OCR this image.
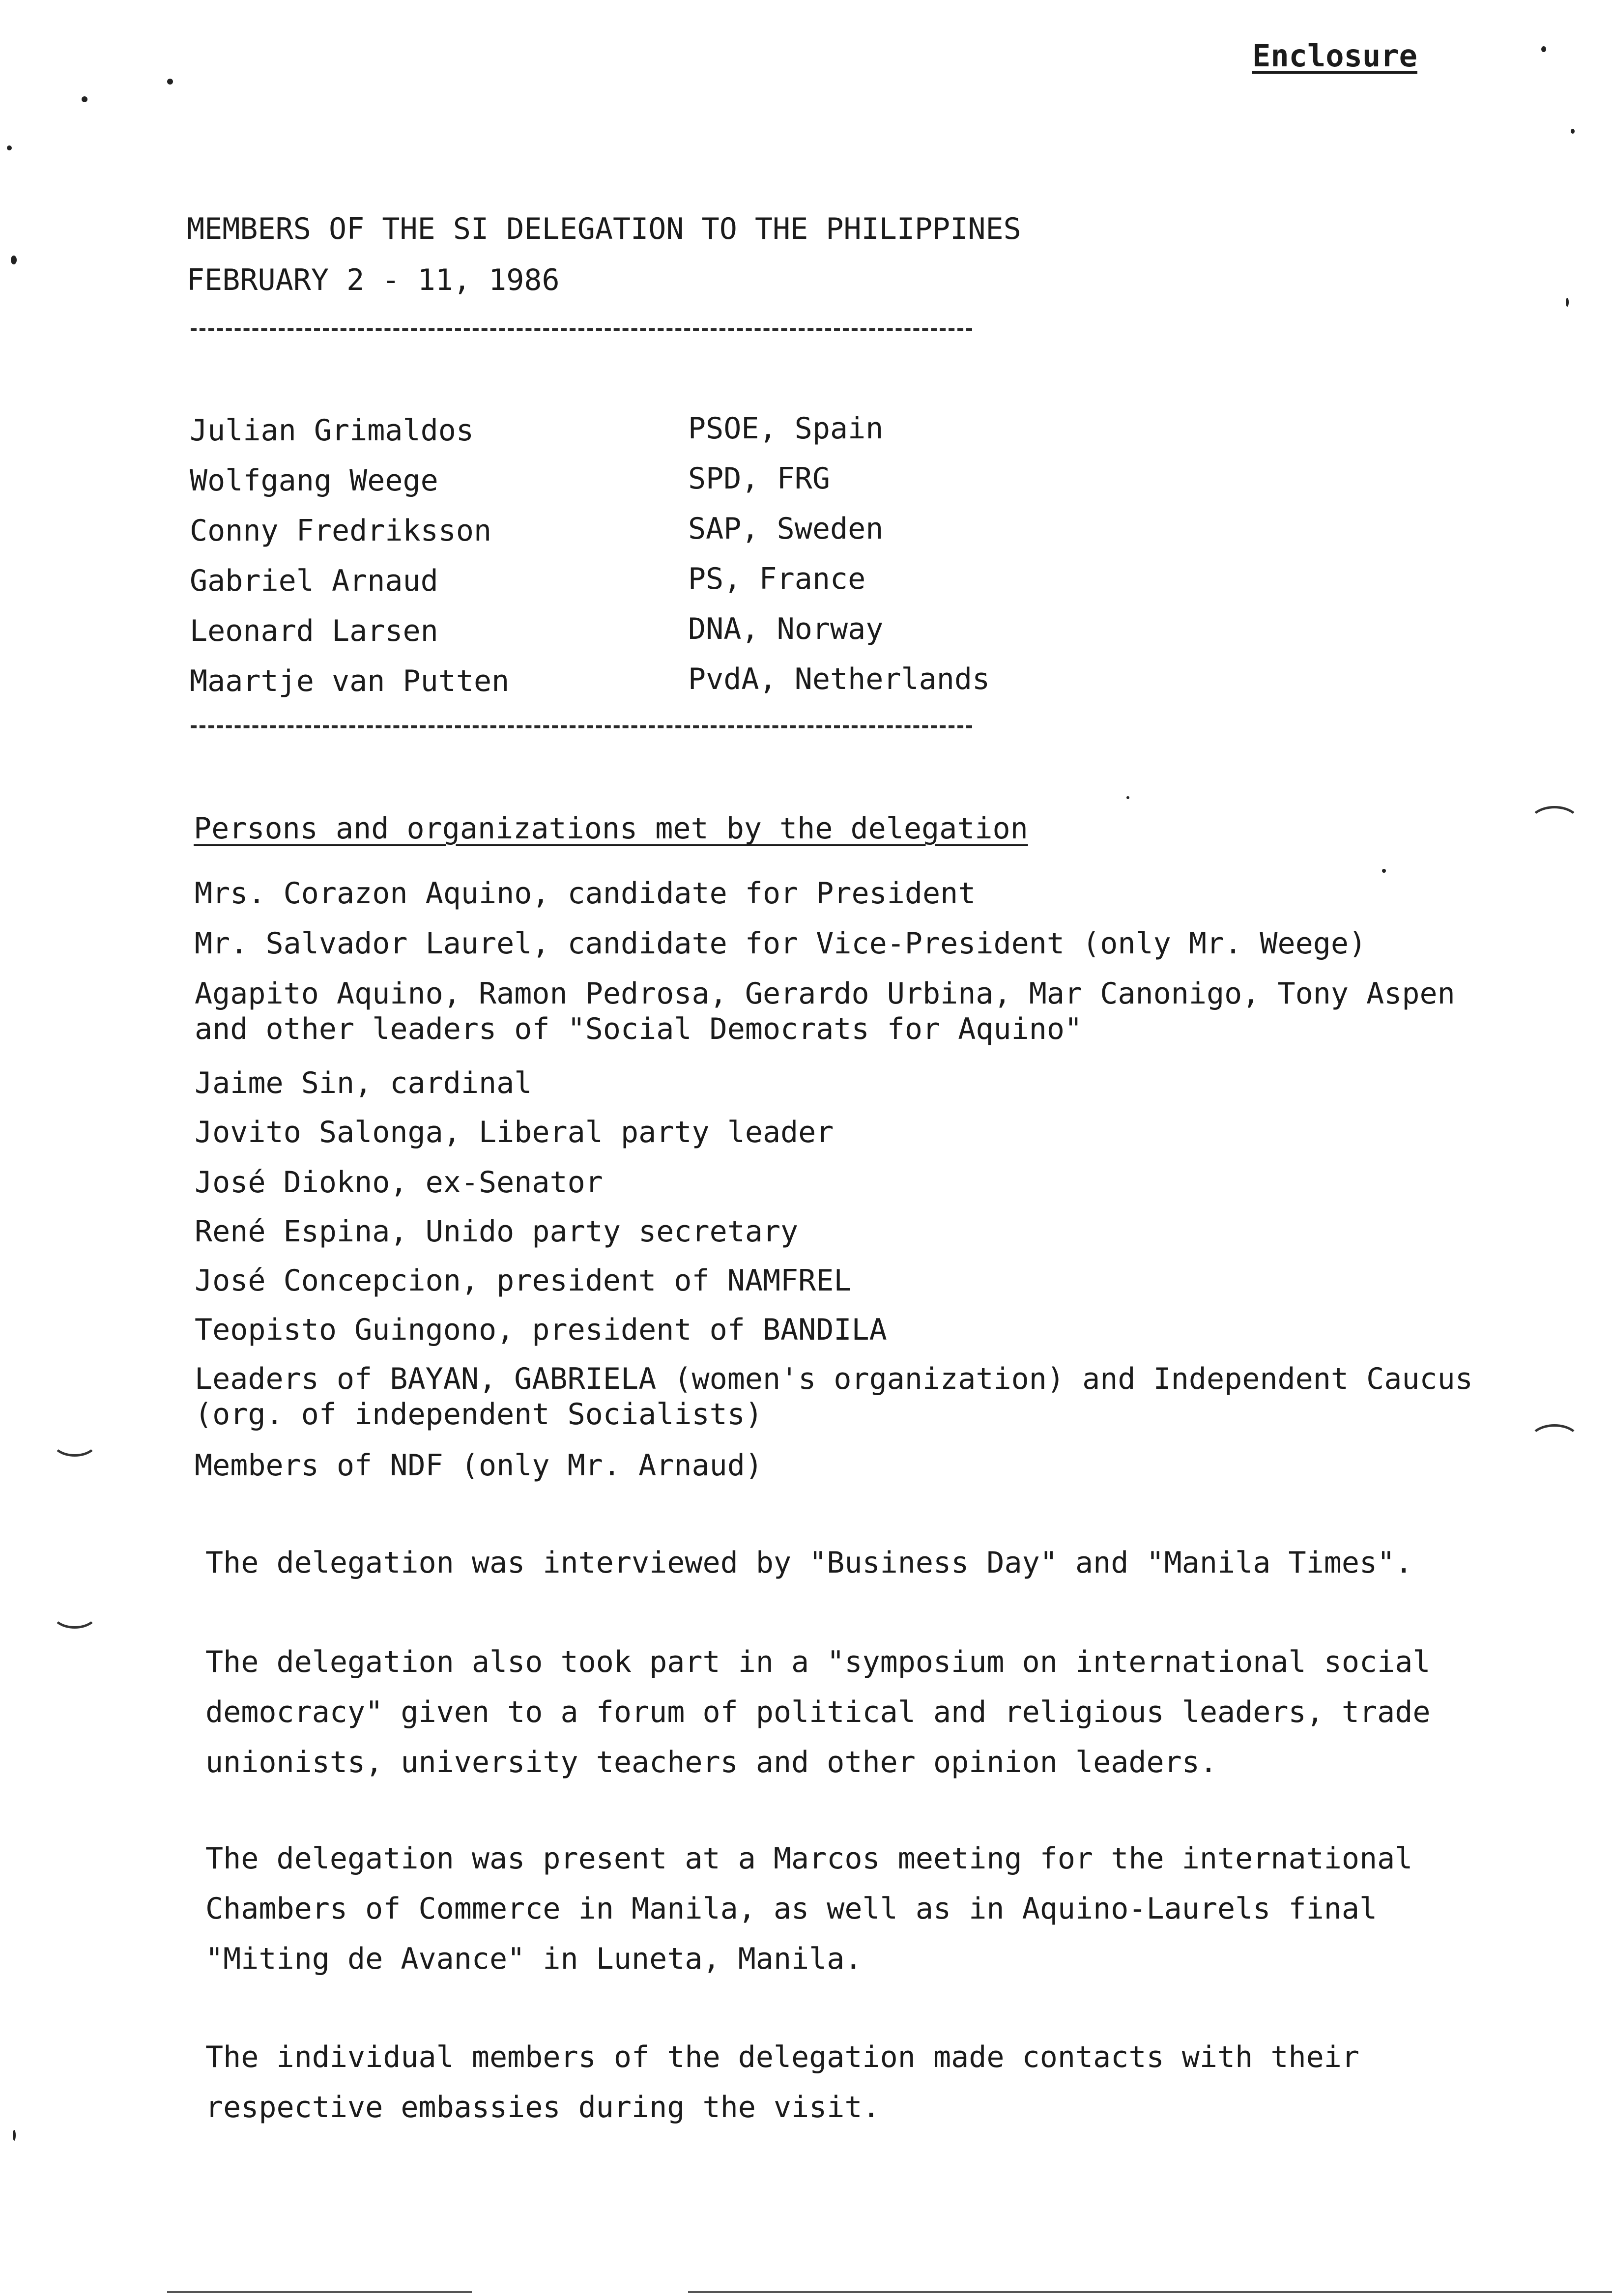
Enclosure
MEMBERS OF THE SI DELEGATION TO THE PHILIPPINES
FEBRUARY 2 - 11, 1986
Julian Grimaldos	PSOE, Spain
Wolfgang Weege	SPD, FRG
Conny Fredriksson	SAP, Sweden
Gabriel Arnaud	PS, France
Leonard Larsen	DNA, Norway
Maartje van Putten	PvdA, Netherlands
Persons and organizations met by the delegation
Mrs. Corazon Aquino, candidate for President
Mr. Salvador Laurel, candidate for Vice-President (only Mr. Weege)
Agapito Aquino, Ramon Pedrosa, Gerardo Urbina, Mar Canonigo, Tony Aspen
and other leaders of "Social Democrats for Aquino"
Jaime Sin, cardinal
Jovito Salonga, Liberal party leader
José Diokno, ex-Senator
René Espina, Unido party secretary
José Concepcion, president of NAMFREL
Teopisto Guingono, president of BANDILA
Leaders of BAYAN, GABRIELA (women's organization) and Independent Caucus
(org. of independent Socialists)
Members of NDF (only Mr. Arnaud)
The delegation was interviewed by "Business Day" and "Manila Times".
The delegation also took part in a "symposium on international social
democracy" given to a forum of political and religious leaders, trade
unionists, university teachers and other opinion leaders.
The delegation was present at a Marcos meeting for the international
Chambers of Commerce in Manila, as well as in Aquino-Laurels final
"Miting de Avance" in Luneta, Manila.
The individual members of the delegation made contacts with their
respective embassies during the visit.
